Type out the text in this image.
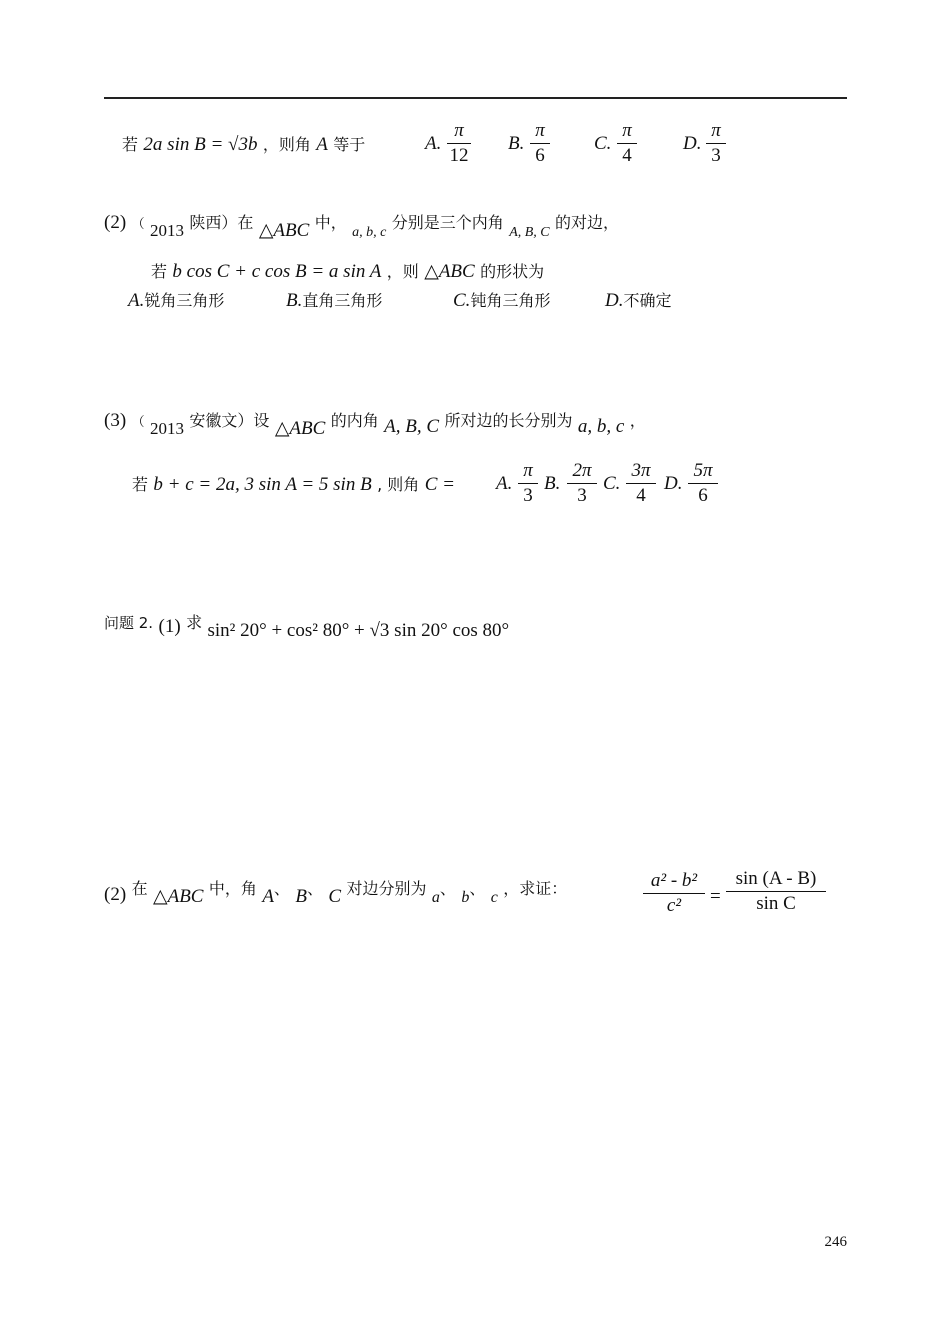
若 2a sin B = √3b ，则角 A 等于	A.
π
12
B.
π
6
C.
π
4
D.
π
3
(2) （ 2013 陕西）在 △ABC 中， $_{a, b, c}$ 分别是三个内角 $_{A, B, C}$ 的对边，
若 b cos C + c cos B = a sin A ，则 △ABC 的形状为
A.锐角三角形	B.直角三角形	C.钝角三角形	D.不确定
(3) （ 2013 安徽文）设 △ABC 的内角 A, B, C 所对边的长分别为 a, b, c ，
若 b + c = 2a, 3 sin A = 5 sin B , 则角 C = A.
π
3
B.
2π
3
C.
3π
4
D.
5π
6
问题 2. (1) 求 sin² 20° + cos² 80° + √3 sin 20° cos 80°
(2) 在 △ABC 中，角 A、 B、 C 对边分别为 a、 b、 c ，求证：	a² - b²
c²	=
sin (A - B)
sin C
246
